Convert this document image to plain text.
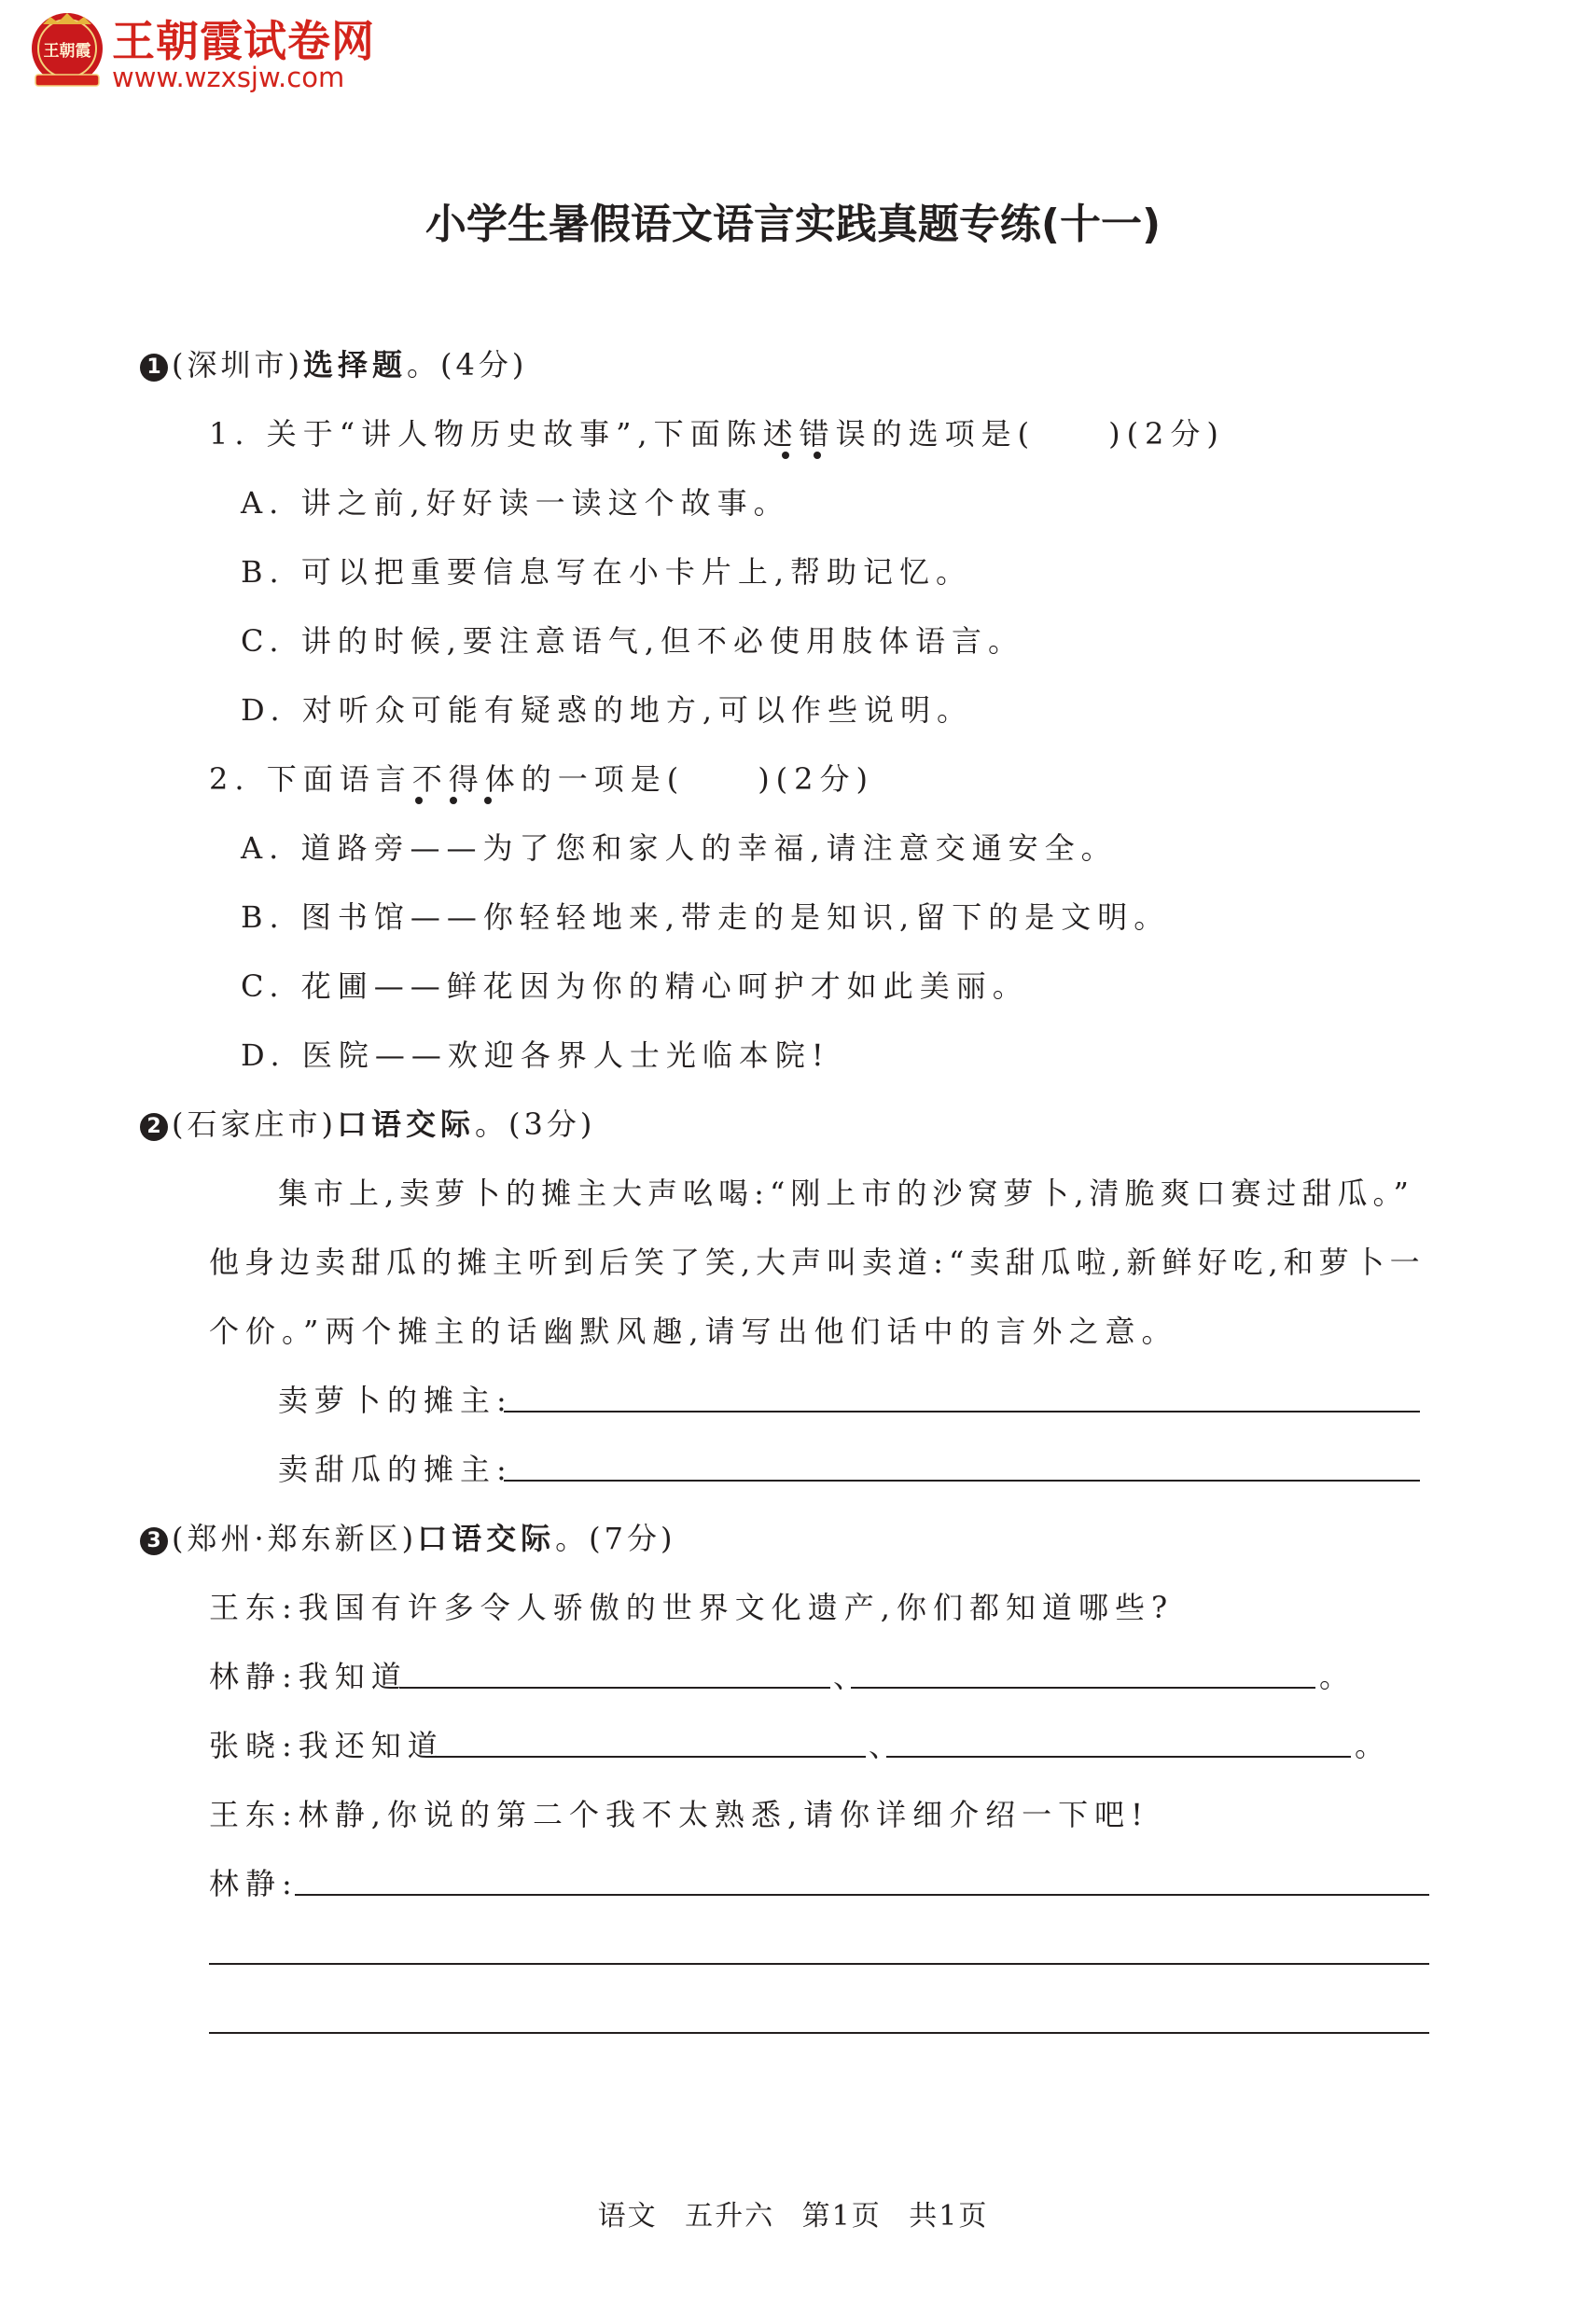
王朝霞 王朝霞试卷网
www.wzxsjw.com
小学生暑假语文语言实践真题专练(十一)
1 (深圳市)选择题。(4分)
1. 关于“讲人物历史故事”,下面陈述错误的选项是(　　)(2分)
A. 讲之前,好好读一读这个故事。
B. 可以把重要信息写在小卡片上,帮助记忆。
C. 讲的时候,要注意语气,但不必使用肢体语言。
D. 对听众可能有疑惑的地方,可以作些说明。
2. 下面语言不得体的一项是(　　)(2分)
A. 道路旁——为了您和家人的幸福,请注意交通安全。
B. 图书馆——你轻轻地来,带走的是知识,留下的是文明。
C. 花圃——鲜花因为你的精心呵护才如此美丽。
D. 医院——欢迎各界人士光临本院!
2 (石家庄市)口语交际。(3分)
集市上,卖萝卜的摊主大声吆喝:“刚上市的沙窝萝卜,清脆爽口赛过甜瓜。”
他身边卖甜瓜的摊主听到后笑了笑,大声叫卖道:“卖甜瓜啦,新鲜好吃,和萝卜一
个价。”两个摊主的话幽默风趣,请写出他们话中的言外之意。
卖萝卜的摊主:
卖甜瓜的摊主:
3 (郑州·郑东新区)口语交际。(7分)
王东:我国有许多令人骄傲的世界文化遗产,你们都知道哪些?
林静:我知道	、	。
张晓:我还知道	、	。
王东:林静,你说的第二个我不太熟悉,请你详细介绍一下吧!
林静:
语文 五升六 第1页 共1页
